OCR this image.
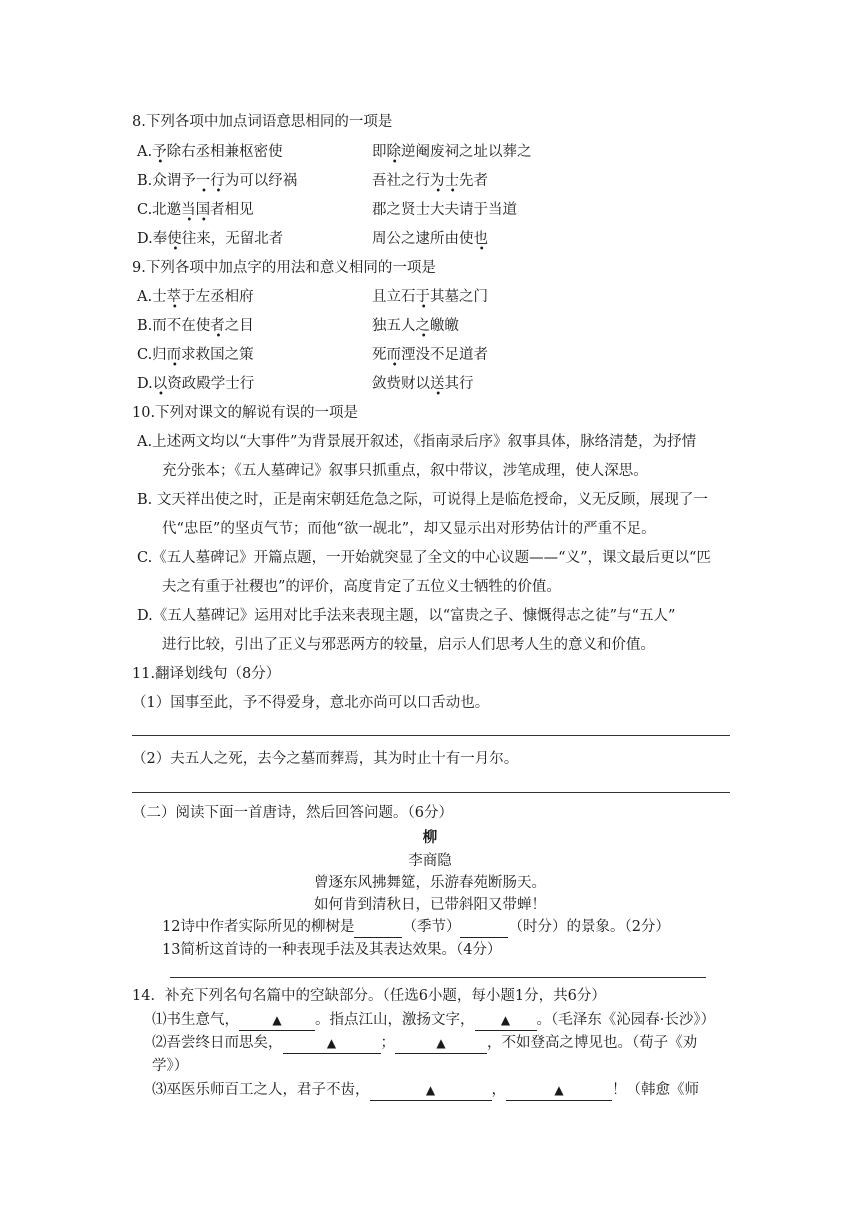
8.下列各项中加点词语意思相同的一项是
A.予除右丞相兼枢密使	即除逆阉废祠之址以葬之
B.众谓予一行为可以纾祸	吾社之行为士先者
C.北邀当国者相见	郡之贤士大夫请于当道
D.奉使往来，无留北者	周公之逮所由使也
9.下列各项中加点字的用法和意义相同的一项是
A.士萃于左丞相府	且立石于其墓之门
B.而不在使者之目	独五人之皦皦
C.归而求救国之策	死而湮没不足道者
D.以资政殿学士行	敛赀财以送其行
10.下列对课文的解说有误的一项是
A.上述两文均以“大事件”为背景展开叙述，《指南录后序》叙事具体，脉络清楚，为抒情
充分张本；《五人墓碑记》叙事只抓重点，叙中带议，涉笔成理，使人深思。
B. 文天祥出使之时，正是南宋朝廷危急之际，可说得上是临危授命，义无反顾，展现了一
代“忠臣”的坚贞气节；而他“欲一觇北”，却又显示出对形势估计的严重不足。
C.《五人墓碑记》开篇点题，一开始就突显了全文的中心议题——“义”，课文最后更以“匹
夫之有重于社稷也”的评价，高度肯定了五位义士牺牲的价值。
D.《五人墓碑记》运用对比手法来表现主题，以“富贵之子、慷慨得志之徒”与“五人”
进行比较，引出了正义与邪恶两方的较量，启示人们思考人生的意义和价值。
11.翻译划线句（8分）
（1）国事至此，予不得爱身，意北亦尚可以口舌动也。
（2）夫五人之死，去今之墓而葬焉，其为时止十有一月尔。
（二）阅读下面一首唐诗，然后回答问题。（6分）
柳
李商隐
曾逐东风拂舞筵，乐游春苑断肠天。
如何肯到清秋日，已带斜阳又带蝉！
12诗中作者实际所见的柳树是	（季节）	（时分）的景象。（2分）
13简析这首诗的一种表现手法及其表达效果。（4分）
14．补充下列名句名篇中的空缺部分。（任选6小题，每小题1分，共6分）
⑴书生意气，	▲ 。指点江山，激扬文字， ▲ 。（毛泽东《沁园春·长沙》）
⑵吾尝终日而思矣，	▲	；	▲	，不如登高之博见也。（荀子《劝
学》）
⑶巫医乐师百工之人，君子不齿，	▲	，	▲	！（韩愈《师
•	•
• •	• •
• •
•	•
•	•
•	•
•	•
•	•
